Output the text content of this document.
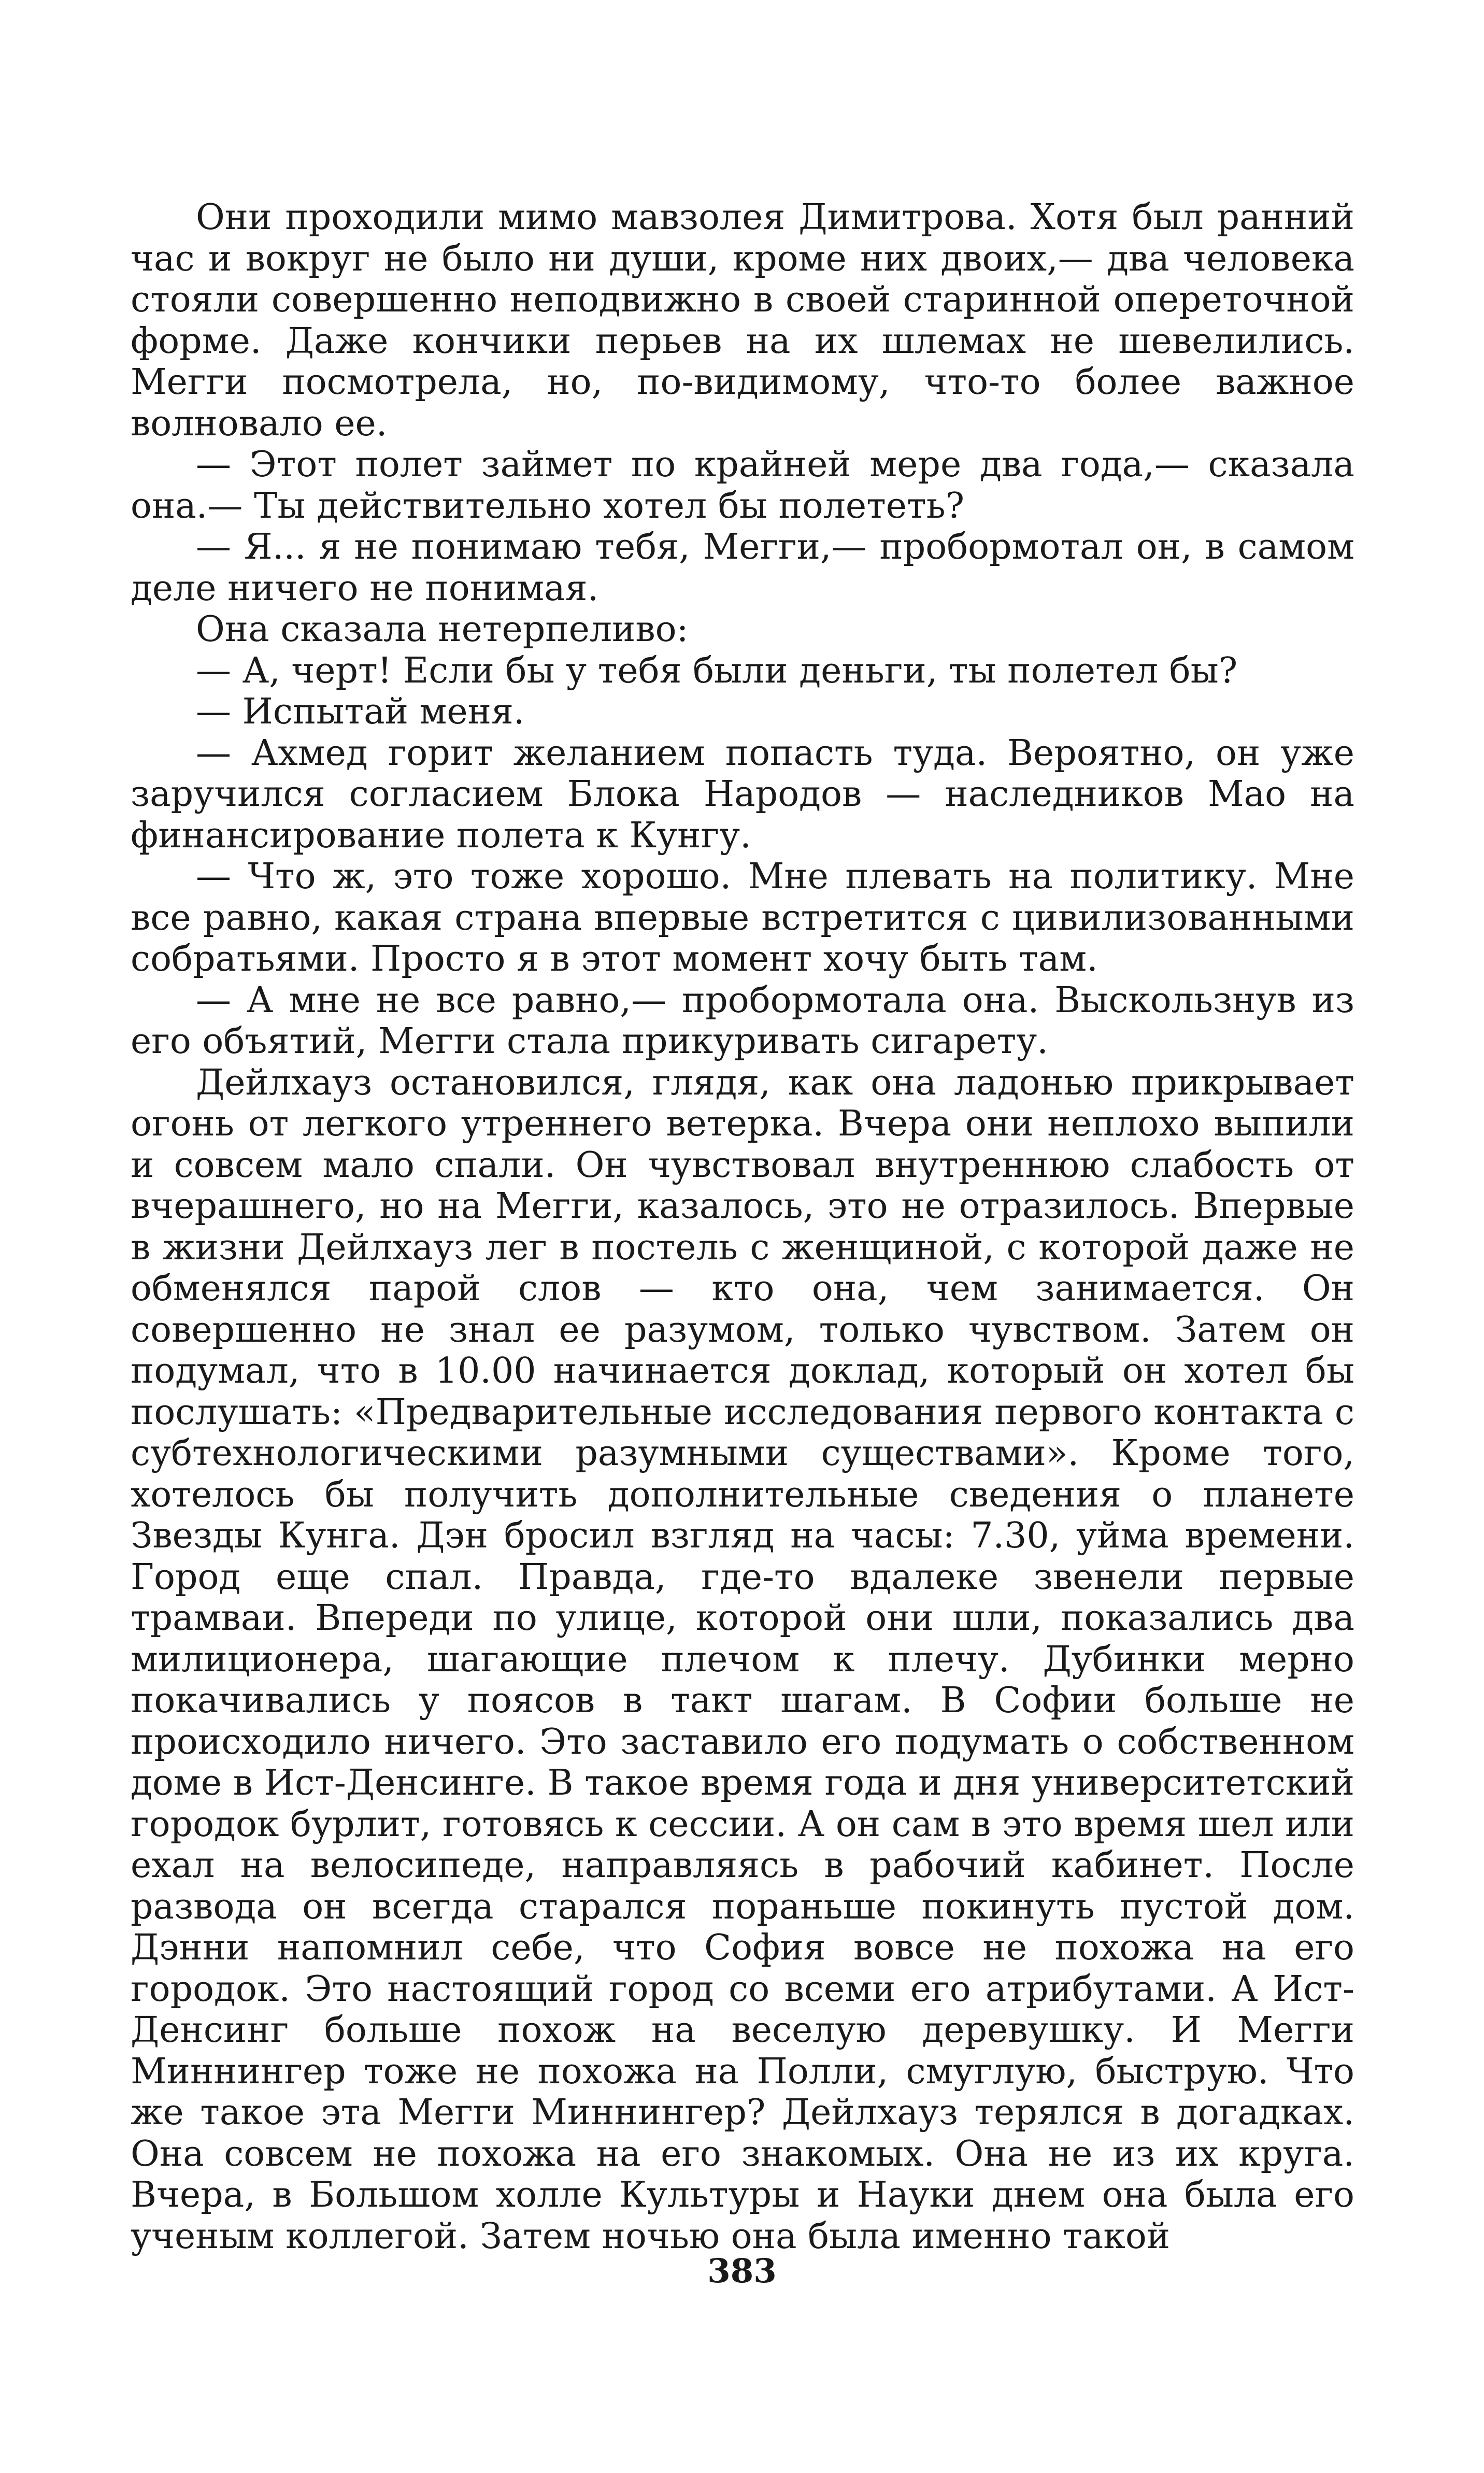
Они проходили мимо мавзолея Димитрова. Хотя был ранний час и вокруг не было ни души, кроме них двоих,— два человека стояли совершенно неподвижно в своей старинной опереточной форме. Даже кончики перьев на их шлемах не шевелились. Мегги посмотрела, но, по-видимому, что-то более важное волновало ее.

— Этот полет займет по крайней мере два года,— сказала она.— Ты действительно хотел бы полететь?

— Я... я не понимаю тебя, Мегги,— пробормотал он, в самом деле ничего не понимая.

Она сказала нетерпеливо:

— А, черт! Если бы у тебя были деньги, ты полетел бы?

— Испытай меня.

— Ахмед горит желанием попасть туда. Вероятно, он уже заручился согласием Блока Народов — наследников Мао на финансирование полета к Кунгу.

— Что ж, это тоже хорошо. Мне плевать на политику. Мне все равно, какая страна впервые встретится с цивилизованными собратьями. Просто я в этот момент хочу быть там.

— А мне не все равно,— пробормотала она. Выскользнув из его объятий, Мегги стала прикуривать сигарету.

Дейлхауз остановился, глядя, как она ладонью прикрывает огонь от легкого утреннего ветерка. Вчера они неплохо выпили и совсем мало спали. Он чувствовал внутреннюю слабость от вчерашнего, но на Мегги, казалось, это не отразилось. Впервые в жизни Дейлхауз лег в постель с женщиной, с которой даже не обменялся парой слов — кто она, чем занимается. Он совершенно не знал ее разумом, только чувством. Затем он подумал, что в 10.00 начинается доклад, который он хотел бы послушать: «Предварительные исследования первого контакта с субтехнологическими разумными существами». Кроме того, хотелось бы получить дополнительные сведения о планете Звезды Кунга. Дэн бросил взгляд на часы: 7.30, уйма времени. Город еще спал. Правда, где-то вдалеке звенели первые трамваи. Впереди по улице, которой они шли, показались два милиционера, шагающие плечом к плечу. Дубинки мерно покачивались у поясов в такт шагам. В Софии больше не происходило ничего. Это заставило его подумать о собственном доме в Ист-Денсинге. В такое время года и дня университетский городок бурлит, готовясь к сессии. А он сам в это время шел или ехал на велосипеде, направляясь в рабочий кабинет. После развода он всегда старался пораньше покинуть пустой дом. Дэнни напомнил себе, что София вовсе не похожа на его городок. Это настоящий город со всеми его атрибутами. А Ист-Денсинг больше похож на веселую деревушку. И Мегги Миннингер тоже не похожа на Полли, смуглую, быструю. Что же такое эта Мегги Миннингер? Дейлхауз терялся в догадках. Она совсем не похожа на его знакомых. Она не из их круга. Вчера, в Большом холле Культуры и Науки днем она была его ученым коллегой. Затем ночью она была именно такой

383
